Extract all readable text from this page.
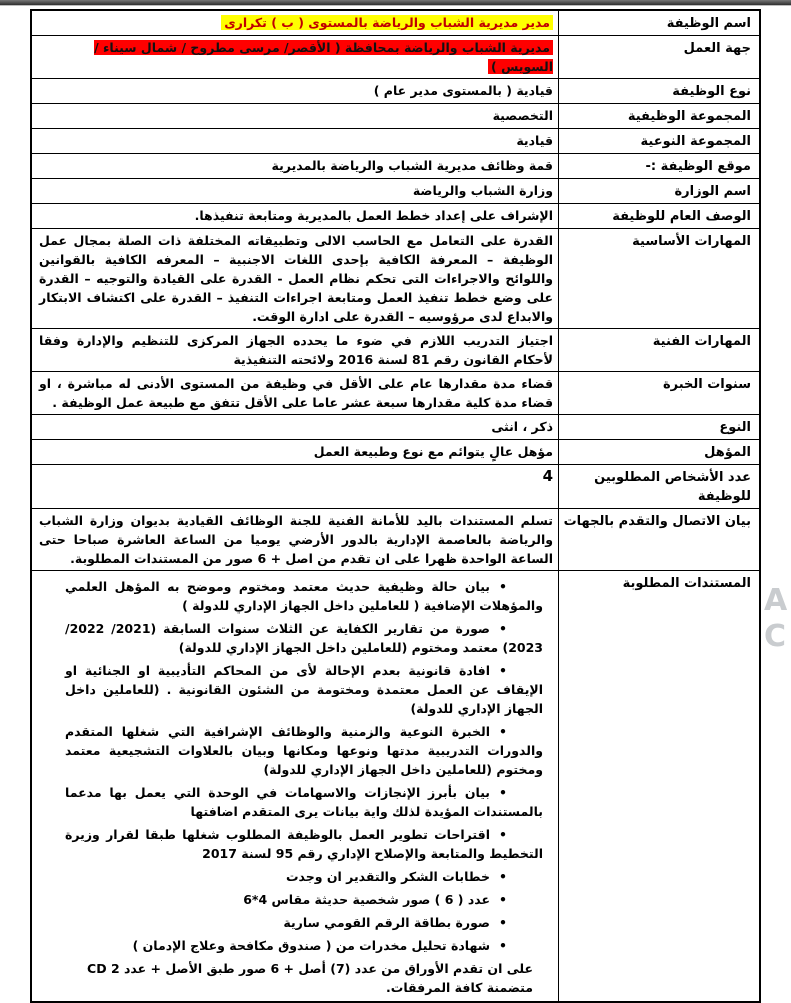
A
C
اسم الوظيفة
مدير مديرية الشباب والرياضة بالمستوى ( ب ) تكرارى
جهة العمل
مديرية الشباب والرياضة بمحافظة ( الأقصر/ مرسى مطروح / شمال سيناء / السويس )
نوع الوظيفة
قيادية ( بالمستوى مدير عام )
المجموعة الوظيفية
التخصصية
المجموعة النوعية
قيادية
موقع الوظيفة :-
قمة وظائف مديرية الشباب والرياضة بالمديرية
اسم الوزارة
وزارة الشباب والرياضة
الوصف العام للوظيفة
الإشراف على إعداد خطط العمل بالمديرية ومتابعة تنفيذها.
المهارات الأساسية
القدرة على التعامل مع الحاسب الالى وتطبيقاته المختلفة ذات الصلة بمجال عمل الوظيفة – المعرفة الكافية بإحدى اللغات الاجنبية – المعرفه الكافية بالقوانين واللوائح والاجراءات التى تحكم نظام العمل - القدرة على القيادة والتوجيه – القدرة على وضع خطط تنفيذ العمل ومتابعة اجراءات التنفيذ – القدرة على اكتشاف الابتكار والابداع لدى مرؤوسيه – القدرة على ادارة الوقت.
المهارات الفنية
اجتياز التدريب اللازم في ضوء ما يحدده الجهاز المركزى للتنظيم والإدارة وفقا لأحكام القانون رقم 81 لسنة 2016 ولائحته التنفيذية
سنوات الخبرة
قضاء مدة مقدارها عام على الأقل في وظيفة من المستوى الأدنى له مباشرة ، او قضاء مدة كلية مقدارها سبعة عشر عاما على الأقل تتفق مع طبيعة عمل الوظيفة .
النوع
ذكر ، انثى
المؤهل
مؤهل عالٍ يتوائم مع نوع وطبيعة العمل
عدد الأشخاص المطلوبين للوظيفة
4
بيان الاتصال والتقدم بالجهات
تسلم المستندات باليد للأمانة الفنية للجنة الوظائف القيادية بديوان وزارة الشباب والرياضة بالعاصمة الإدارية بالدور الأرضي يوميا من الساعة العاشرة صباحا حتى الساعة الواحدة ظهرا على ان تقدم من اصل + 6 صور من المستندات المطلوبة.
المستندات المطلوبة
•بيان حالة وظيفية حديث معتمد ومختوم وموضح به المؤهل العلمي والمؤهلات الإضافية ( للعاملين داخل الجهاز الإداري للدولة )
•صورة من تقارير الكفاية عن الثلاث سنوات السابقة (2021/ 2022/ 2023) معتمد ومختوم (للعاملين داخل الجهاز الإداري للدولة)
•افادة قانونية بعدم الإحالة لأى من المحاكم التأديبية او الجنائية او الإيقاف عن العمل معتمدة ومختومة من الشئون القانونية . (للعاملين داخل الجهاز الإداري للدولة)
•الخبرة النوعية والزمنية والوظائف الإشرافية التي شغلها المتقدم والدورات التدريبية مدتها ونوعها ومكانها وبيان بالعلاوات التشجيعية معتمد ومختوم (للعاملين داخل الجهاز الإداري للدولة)
•بيان بأبرز الإنجازات والاسهامات في الوحدة التي يعمل بها مدعما بالمستندات المؤيدة لذلك واية بيانات يرى المتقدم اضافتها
•اقتراحات تطوير العمل بالوظيفة المطلوب شغلها طبقا لقرار وزيرة التخطيط والمتابعة والإصلاح الإداري رقم 95 لسنة 2017
•خطابات الشكر والتقدير ان وجدت
•عدد ( 6 ) صور شخصية حديثة مقاس 4*6
•صورة بطاقة الرقم القومي سارية
•شهادة تحليل مخدرات من ( صندوق مكافحة وعلاج الإدمان )
على ان تقدم الأوراق من عدد (7) أصل + 6 صور طبق الأصل + عدد 2 CD متضمنة كافة المرفقات.
